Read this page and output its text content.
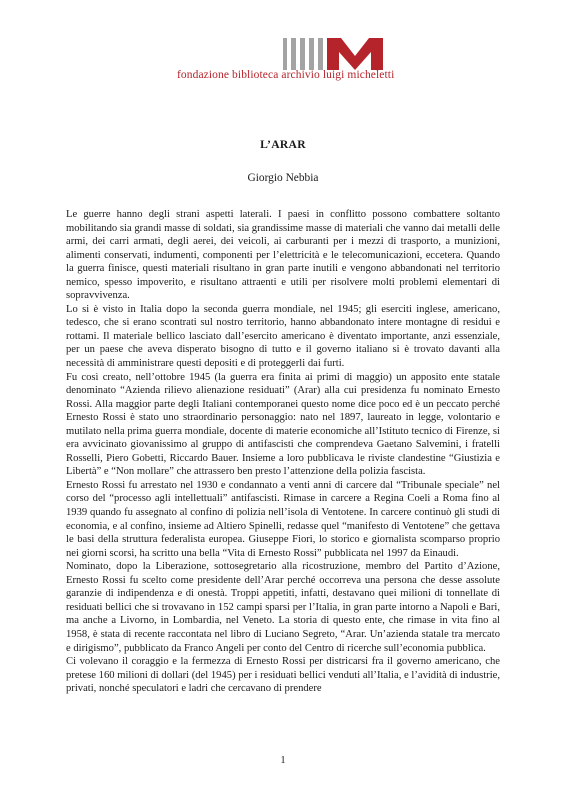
fondazione biblioteca archivio luigi micheletti
L’ARAR
Giorgio Nebbia

Le guerre hanno degli strani aspetti laterali. I paesi in conflitto possono combattere soltanto mobilitando sia grandi masse di soldati, sia grandissime masse di materiali che vanno dai metalli delle armi, dei carri armati, degli aerei, dei veicoli, ai carburanti per i mezzi di trasporto, a munizioni, alimenti conservati, indumenti, componenti per l’elettricità e le telecomunicazioni, eccetera. Quando la guerra finisce, questi materiali risultano in gran parte inutili e vengono abbandonati nel territorio nemico, spesso impoverito, e risultano attraenti e utili per risolvere molti problemi elementari di sopravvivenza.

Lo si è visto in Italia dopo la seconda guerra mondiale, nel 1945; gli eserciti inglese, americano, tedesco, che si erano scontrati sul nostro territorio, hanno abbandonato intere montagne di residui e rottami. Il materiale bellico lasciato dall’esercito americano è diventato importante, anzi essenziale, per un paese che aveva disperato bisogno di tutto e il governo italiano si è trovato davanti alla necessità di amministrare questi depositi e di proteggerli dai furti.

Fu così creato, nell’ottobre 1945 (la guerra era finita ai primi di maggio) un apposito ente statale denominato “Azienda rilievo alienazione residuati” (Arar) alla cui presidenza fu nominato Ernesto Rossi. Alla maggior parte degli Italiani contemporanei questo nome dice poco ed è un peccato perché Ernesto Rossi è stato uno straordinario personaggio: nato nel 1897, laureato in legge, volontario e mutilato nella prima guerra mondiale, docente di materie economiche all’Istituto tecnico di Firenze, si era avvicinato giovanissimo al gruppo di antifascisti che comprendeva Gaetano Salvemini, i fratelli Rosselli, Piero Gobetti, Riccardo Bauer. Insieme a loro pubblicava le riviste clandestine “Giustizia e Libertà” e “Non mollare” che attrassero ben presto l’attenzione della polizia fascista.

Ernesto Rossi fu arrestato nel 1930 e condannato a venti anni di carcere dal “Tribunale speciale” nel corso del “processo agli intellettuali” antifascisti. Rimase in carcere a Regina Coeli a Roma fino al 1939 quando fu assegnato al confino di polizia nell’isola di Ventotene. In carcere continuò gli studi di economia, e al confino, insieme ad Altiero Spinelli, redasse quel “manifesto di Ventotene” che gettava le basi della struttura federalista europea. Giuseppe Fiori, lo storico e giornalista scomparso proprio nei giorni scorsi, ha scritto una bella “Vita di Ernesto Rossi” pubblicata nel 1997 da Einaudi.

Nominato, dopo la Liberazione, sottosegretario alla ricostruzione, membro del Partito d’Azione, Ernesto Rossi fu scelto come presidente dell’Arar perché occorreva una persona che desse assolute garanzie di indipendenza e di onestà. Troppi appetiti, infatti, destavano quei milioni di tonnellate di residuati bellici che si trovavano in 152 campi sparsi per l’Italia, in gran parte intorno a Napoli e Bari, ma anche a Livorno, in Lombardia, nel Veneto. La storia di questo ente, che rimase in vita fino al 1958, è stata di recente raccontata nel libro di Luciano Segreto, “Arar. Un’azienda statale tra mercato e dirigismo”, pubblicato da Franco Angeli per conto del Centro di ricerche sull’economia pubblica.

Ci volevano il coraggio e la fermezza di Ernesto Rossi per districarsi fra il governo americano, che pretese 160 milioni di dollari (del 1945) per i residuati bellici venduti all’Italia, e l’avidità di industrie, privati, nonché speculatori e ladri che cercavano di prendere

1
